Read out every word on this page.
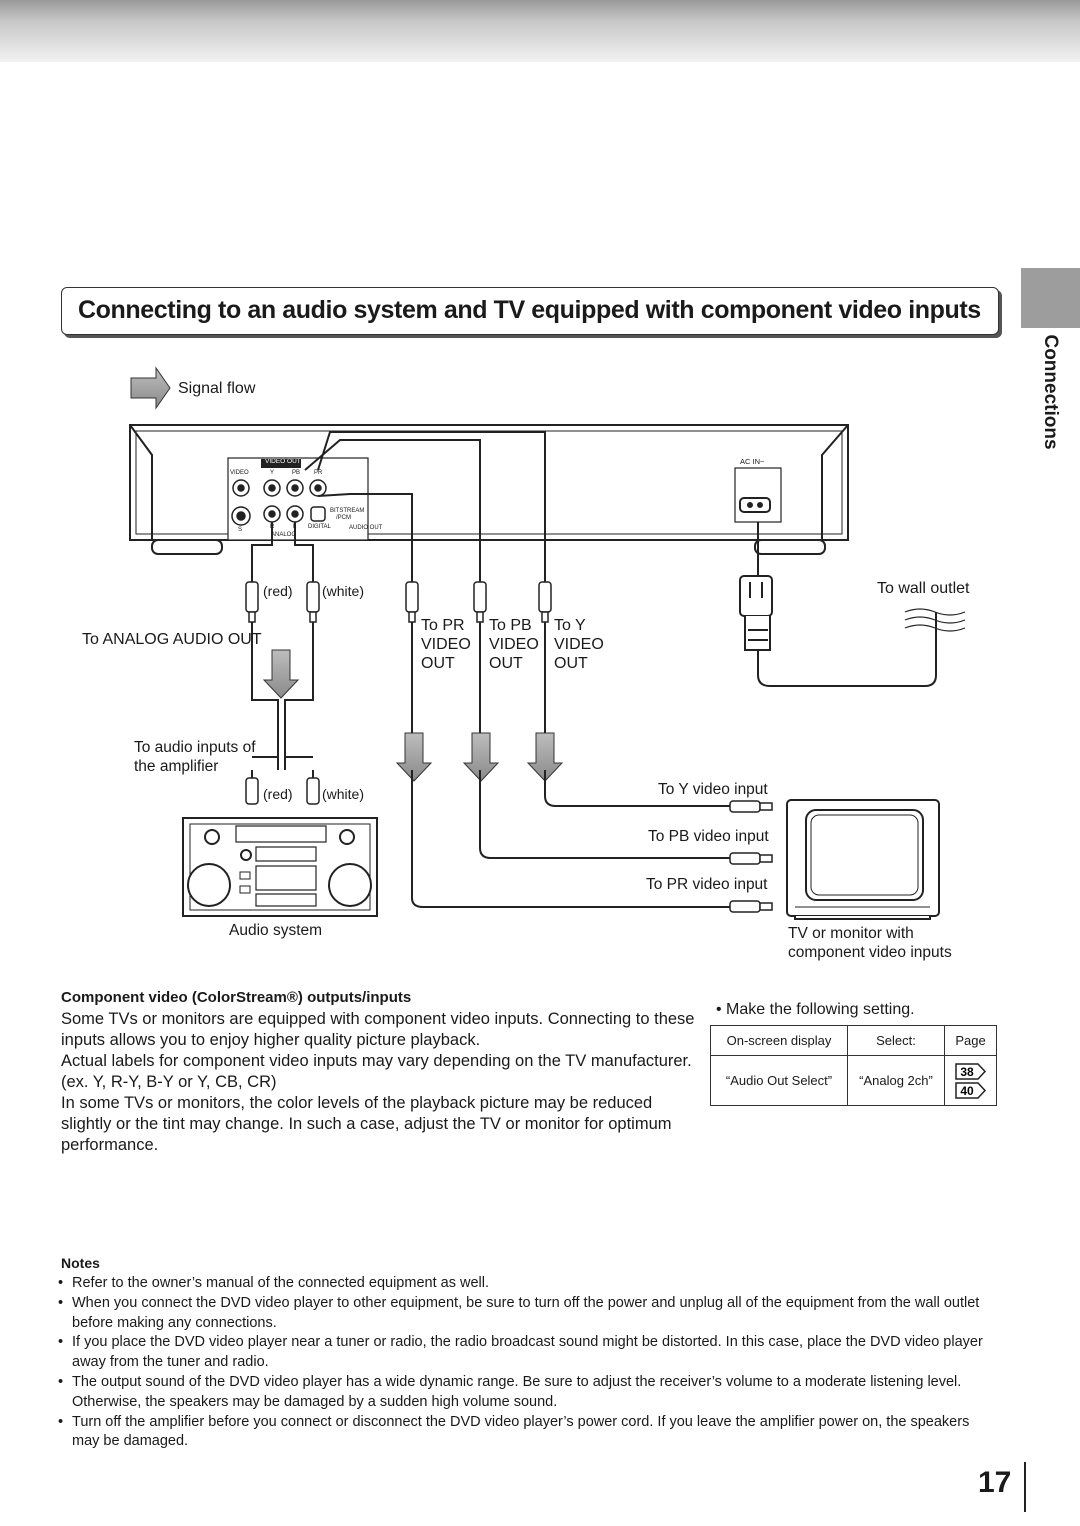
Connections
Connecting to an audio system and TV equipped with component video inputs
Signal flow
VIDEO OUT
VIDEO	Y	PB PR
S	R	L DIGITAL
BITSTREAM
/PCM
AUDIO OUT
ANALOG
AC IN~
(red) (white)
To ANALOG AUDIO OUT
To PR
VIDEO
OUT
To PB
VIDEO
OUT
To Y
VIDEO
OUT
To wall outlet
To audio inputs of
the amplifier
(red) (white)	To Y video input
To PB video input
To PR video input
Audio system	TV or monitor with
component video inputs
Component video (ColorStream®) outputs/inputs

Some TVs or monitors are equipped with component video inputs. Connecting to these inputs allows you to enjoy higher quality picture playback.

Actual labels for component video inputs may vary depending on the TV manufacturer. (ex. Y, R-Y, B-Y or Y, CB, CR)

In some TVs or monitors, the color levels of the playback picture may be reduced slightly or the tint may change. In such a case, adjust the TV or monitor for optimum performance.

• Make the following setting.
On-screen display	Select:	Page
“Audio Out Select”	“Analog 2ch”	38
40
Notes
• Refer to the owner’s manual of the connected equipment as well.
• When you connect the DVD video player to other equipment, be sure to turn off the power and unplug all of the equipment from the wall outlet before making any connections.
• If you place the DVD video player near a tuner or radio, the radio broadcast sound might be distorted. In this case, place the DVD video player away from the tuner and radio.
• The output sound of the DVD video player has a wide dynamic range. Be sure to adjust the receiver’s volume to a moderate listening level. Otherwise, the speakers may be damaged by a sudden high volume sound.
• Turn off the amplifier before you connect or disconnect the DVD video player’s power cord. If you leave the amplifier power on, the speakers may be damaged.
17
